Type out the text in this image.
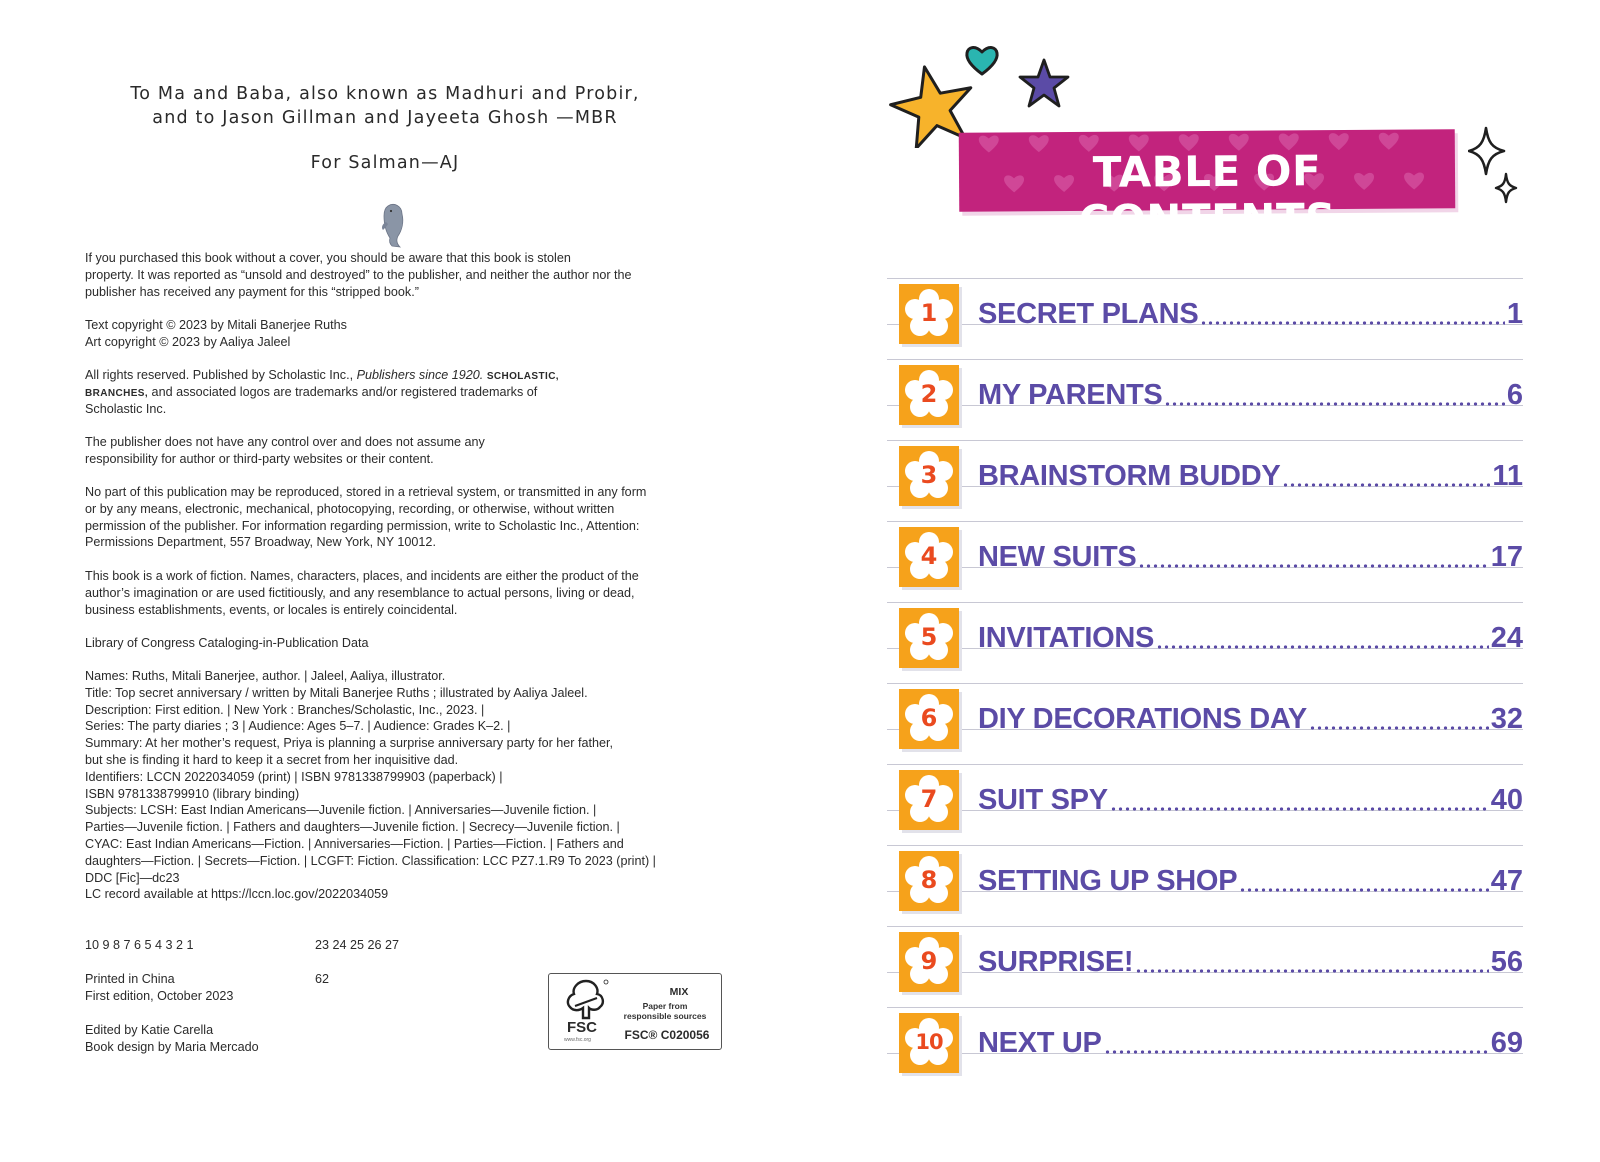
To Ma and Baba, also known as Madhuri and Probir,
and to Jason Gillman and Jayeeta Ghosh —MBR
For Salman—AJ
If you purchased this book without a cover, you should be aware that this book is stolen
property. It was reported as “unsold and destroyed” to the publisher, and neither the author nor the
publisher has received any payment for this “stripped book.”
Text copyright © 2023 by Mitali Banerjee Ruths
Art copyright © 2023 by Aaliya Jaleel
All rights reserved. Published by Scholastic Inc., Publishers since 1920. SCHOLASTIC,
BRANCHES, and associated logos are trademarks and/or registered trademarks of
Scholastic Inc.
The publisher does not have any control over and does not assume any
responsibility for author or third-party websites or their content.
No part of this publication may be reproduced, stored in a retrieval system, or transmitted in any form
or by any means, electronic, mechanical, photocopying, recording, or otherwise, without written
permission of the publisher. For information regarding permission, write to Scholastic Inc., Attention:
Permissions Department, 557 Broadway, New York, NY 10012.
This book is a work of fiction. Names, characters, places, and incidents are either the product of the
author’s imagination or are used fictitiously, and any resemblance to actual persons, living or dead,
business establishments, events, or locales is entirely coincidental.
Library of Congress Cataloging-in-Publication Data
Names: Ruths, Mitali Banerjee, author. | Jaleel, Aaliya, illustrator.
Title: Top secret anniversary / written by Mitali Banerjee Ruths ; illustrated by Aaliya Jaleel.
Description: First edition. | New York : Branches/Scholastic, Inc., 2023. |
Series: The party diaries ; 3 | Audience: Ages 5–7. | Audience: Grades K–2. |
Summary: At her mother’s request, Priya is planning a surprise anniversary party for her father,
but she is finding it hard to keep it a secret from her inquisitive dad.
Identifiers: LCCN 2022034059 (print) | ISBN 9781338799903 (paperback) |
ISBN 9781338799910 (library binding)
Subjects: LCSH: East Indian Americans—Juvenile fiction. | Anniversaries—Juvenile fiction. |
Parties—Juvenile fiction. | Fathers and daughters—Juvenile fiction. | Secrecy—Juvenile fiction. |
CYAC: East Indian Americans—Fiction. | Anniversaries—Fiction. | Parties—Fiction. | Fathers and
daughters—Fiction. | Secrets—Fiction. | LCGFT: Fiction. Classification: LCC PZ7.1.R9 To 2023 (print) |
DDC [Fic]—dc23
LC record available at https://lccn.loc.gov/2022034059
10 9 8 7 6 5 4 3 2 1	23 24 25 26 27
Printed in China
First edition, October 2023
62
Edited by Katie Carella
Book design by Maria Mercado
FSC
www.fsc.org
MIX
Paper from
responsible sources
FSC® C020056
TABLE OF CONTENTS
1	SECRET PLANS	1
2	MY PARENTS	6
3	BRAINSTORM BUDDY	11
4	NEW SUITS	17
5	INVITATIONS	24
6	DIY DECORATIONS DAY	32
7	SUIT SPY	40
8	SETTING UP SHOP	47
9	SURPRISE!	56
10	NEXT UP	69
